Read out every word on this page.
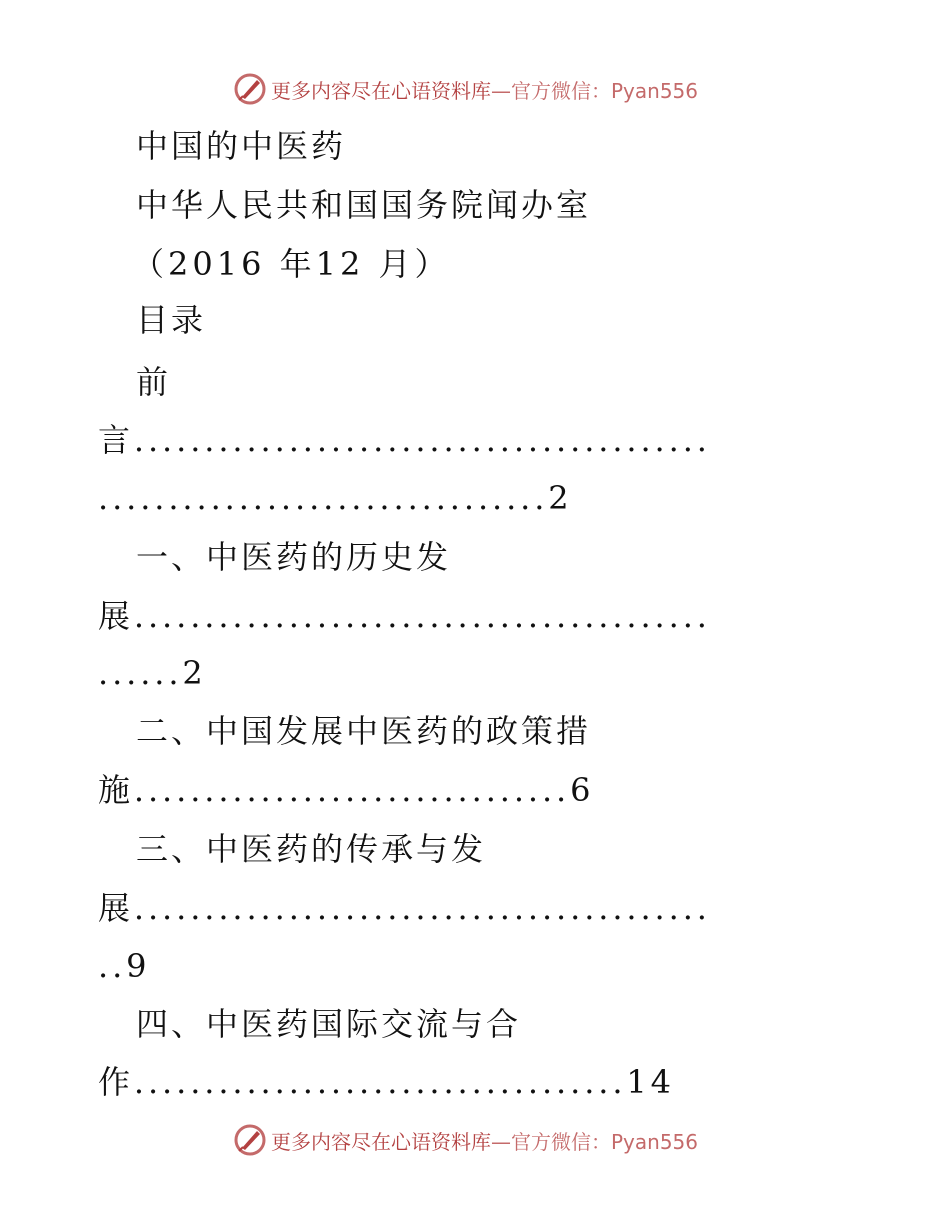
更多内容尽在心语资料库—官方微信：Pyan556
中国的中医药
中华人民共和国国务院闻办室
（2016 年12 月）
目录
前
言.........................................
................................2
一、中医药的历史发
展.........................................
......2
二、中国发展中医药的政策措
施...............................6
三、中医药的传承与发
展.........................................
..9
四、中医药国际交流与合
作...................................14
更多内容尽在心语资料库—官方微信：Pyan556
